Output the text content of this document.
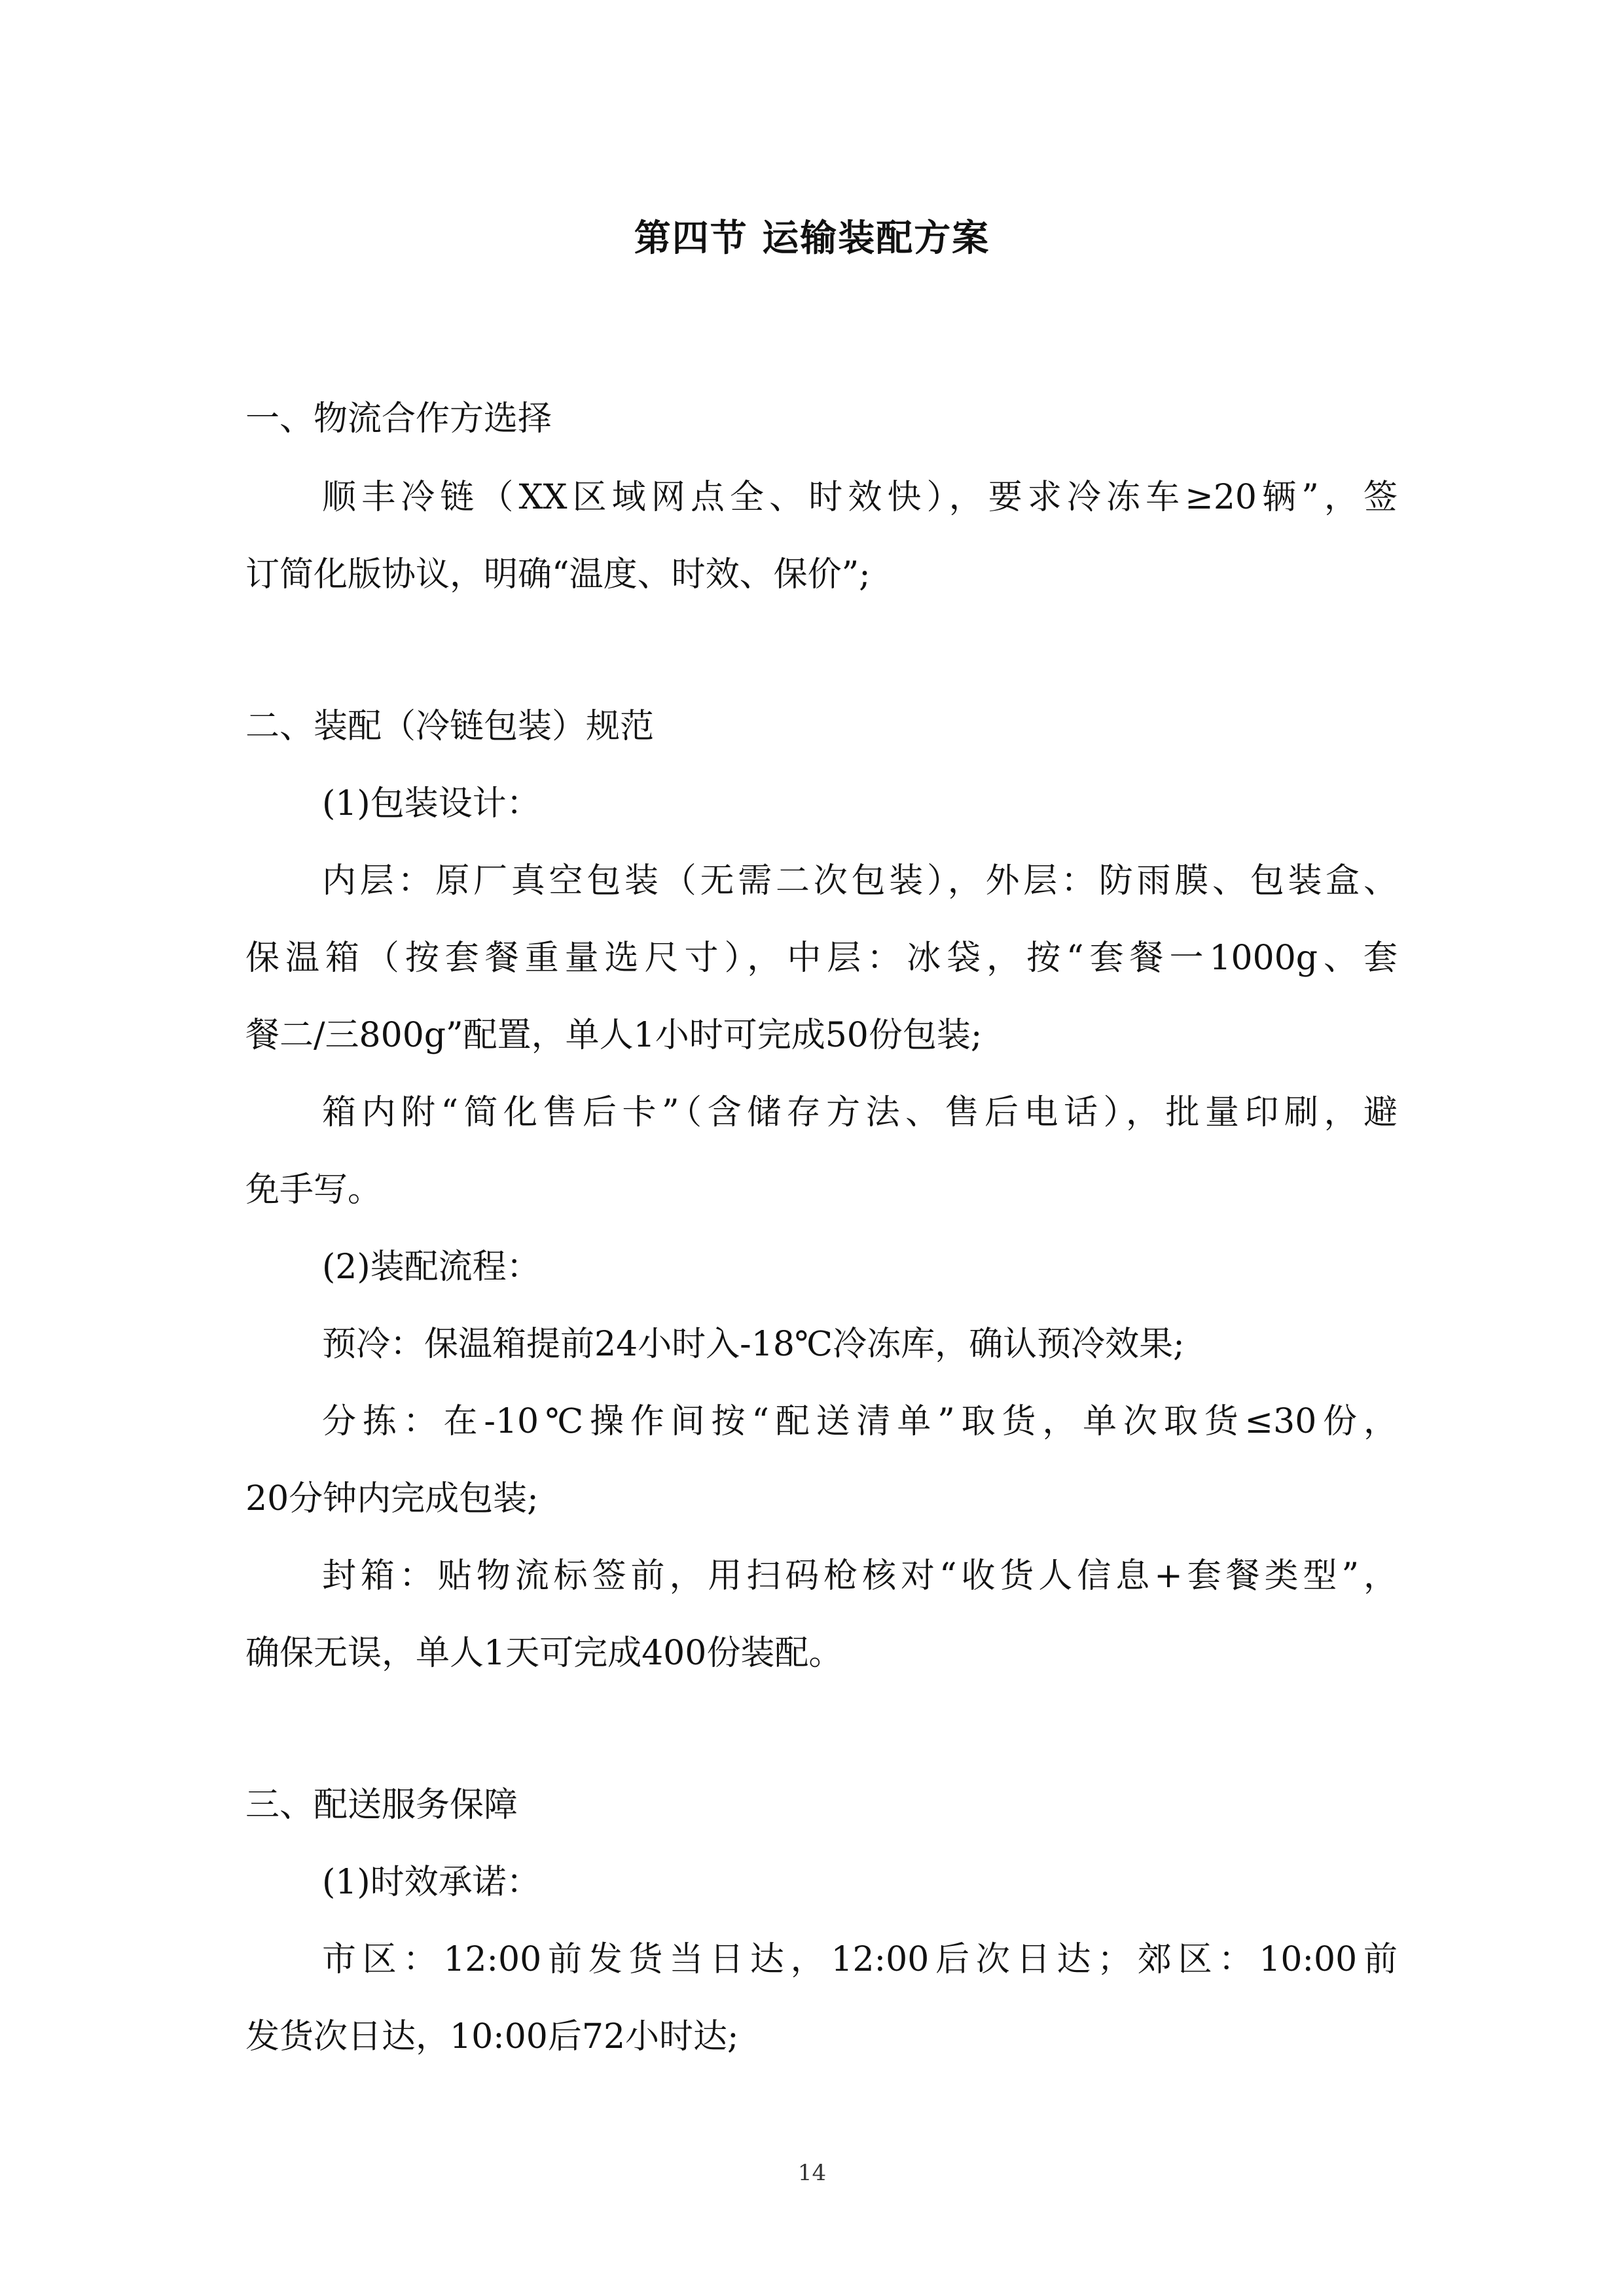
第四节 运输装配方案
一、物流合作方选择
顺丰冷链（XX区域网点全、时效快），要求冷冻车≥20辆”，签
订简化版协议，明确“温度、时效、保价”;
二、装配（冷链包装）规范
(1)包装设计：
内层：原厂真空包装（无需二次包装），外层：防雨膜、包装盒、
保温箱（按套餐重量选尺寸），中层：冰袋，按“套餐一1000g、套
餐二/三800g”配置，单人1小时可完成50份包装;
箱内附“简化售后卡”（含储存方法、售后电话），批量印刷，避
免手写。
(2)装配流程：
预冷：保温箱提前24小时入-18℃冷冻库，确认预冷效果;
分拣：在-10℃操作间按“配送清单”取货，单次取货≤30份，
20分钟内完成包装;
封箱：贴物流标签前，用扫码枪核对“收货人信息+套餐类型”，
确保无误，单人1天可完成400份装配。
三、配送服务保障
(1)时效承诺：
市区：12:00前发货当日达，12:00后次日达；郊区：10:00前
发货次日达，10:00后72小时达;
14
